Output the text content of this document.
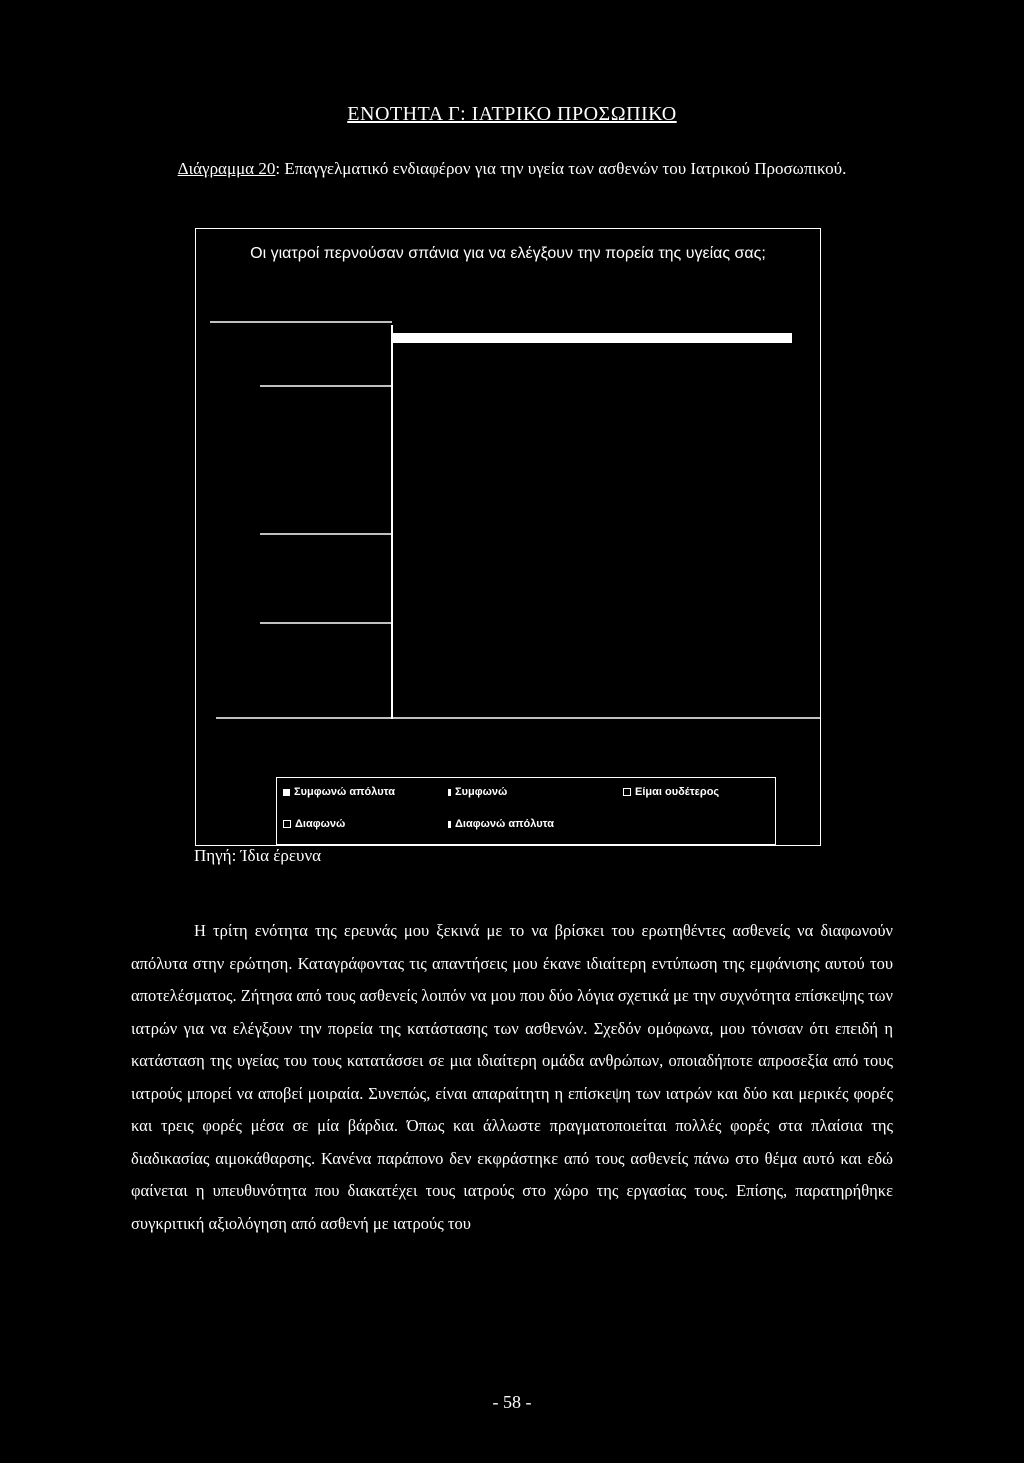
ΕΝΟΤΗΤΑ Γ: ΙΑΤΡΙΚΟ ΠΡΟΣΩΠΙΚΟ
Διάγραμμα 20: Επαγγελματικό ενδιαφέρον για την υγεία των ασθενών του Ιατρικού Προσωπικού.
Οι γιατροί περνούσαν σπάνια για να ελέγξουν την πορεία της υγείας σας;
Συμφωνώ απόλυτα	Συμφωνώ	Είμαι ουδέτερος
Διαφωνώ	Διαφωνώ απόλυτα
Πηγή: Ίδια έρευνα

Η τρίτη ενότητα της ερευνάς μου ξεκινά με το να βρίσκει του ερωτηθέντες ασθενείς να διαφωνούν απόλυτα στην ερώτηση. Καταγράφοντας τις απαντήσεις μου έκανε ιδιαίτερη εντύπωση της εμφάνισης αυτού του αποτελέσματος. Ζήτησα από τους ασθενείς λοιπόν να μου που δύο λόγια σχετικά με την συχνότητα επίσκεψης των ιατρών για να ελέγξουν την πορεία της κατάστασης των ασθενών. Σχεδόν ομόφωνα, μου τόνισαν ότι επειδή η κατάσταση της υγείας του τους κατατάσσει σε μια ιδιαίτερη ομάδα ανθρώπων, οποιαδήποτε απροσεξία από τους ιατρούς μπορεί να αποβεί μοιραία. Συνεπώς, είναι απαραίτητη η επίσκεψη των ιατρών και δύο και μερικές φορές και τρεις φορές μέσα σε μία βάρδια. Όπως και άλλωστε πραγματοποιείται πολλές φορές στα πλαίσια της διαδικασίας αιμοκάθαρσης. Κανένα παράπονο δεν εκφράστηκε από τους ασθενείς πάνω στο θέμα αυτό και εδώ φαίνεται η υπευθυνότητα που διακατέχει τους ιατρούς στο χώρο της εργασίας τους. Επίσης, παρατηρήθηκε συγκριτική αξιολόγηση από ασθενή με ιατρούς του

- 58 -
